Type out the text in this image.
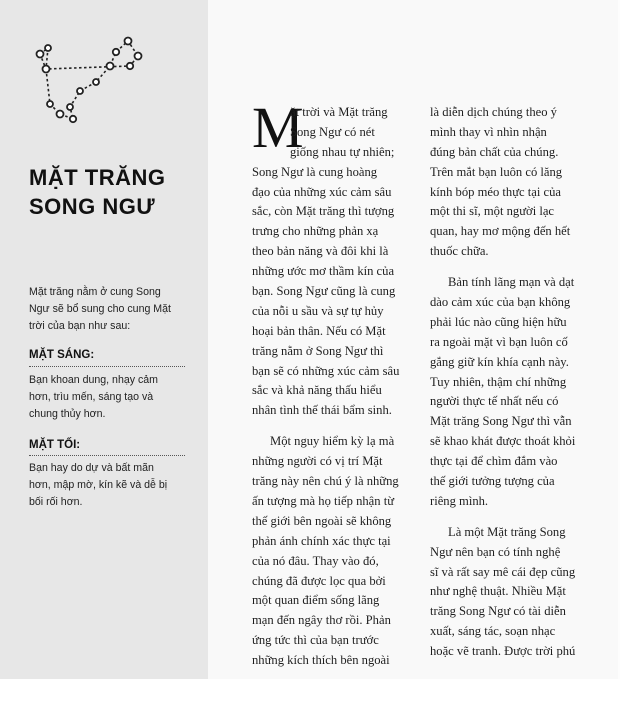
MẶT TRĂNG
SONG NGƯ
Mặt trăng nằm ở cung Song
Ngư sẽ bổ sung cho cung Mặt
trời của bạn như sau:
MẶT SÁNG:
Bạn khoan dung, nhạy cảm
hơn, trìu mến, sáng tạo và
chung thủy hơn.
MẶT TỐI:
Bạn hay do dự và bất mãn
hơn, mập mờ, kín kẽ và dễ bị
bối rối hơn.
M
ặt trời và Mặt trăng
Song Ngư có nét
giống nhau tự nhiên;
Song Ngư là cung hoàng
đạo của những xúc cảm sâu
sắc, còn Mặt trăng thì tượng
trưng cho những phản xạ
theo bản năng và đôi khi là
những ước mơ thầm kín của
bạn. Song Ngư cũng là cung
của nỗi u sầu và sự tự hủy
hoại bản thân. Nếu có Mặt
trăng nằm ở Song Ngư thì
bạn sẽ có những xúc cảm sâu
sắc và khả năng thấu hiểu
nhân tình thế thái bẩm sinh.
Một nguy hiểm kỳ lạ mà
những người có vị trí Mặt
trăng này nên chú ý là những
ấn tượng mà họ tiếp nhận từ
thế giới bên ngoài sẽ không
phản ánh chính xác thực tại
của nó đâu. Thay vào đó,
chúng đã được lọc qua bởi
một quan điểm sống lãng
mạn đến ngây thơ rồi. Phản
ứng tức thì của bạn trước
những kích thích bên ngoài
là diễn dịch chúng theo ý
mình thay vì nhìn nhận
đúng bản chất của chúng.
Trên mắt bạn luôn có lăng
kính bóp méo thực tại của
một thi sĩ, một người lạc
quan, hay mơ mộng đến hết
thuốc chữa.
Bản tính lãng mạn và dạt
dào cảm xúc của bạn không
phải lúc nào cũng hiện hữu
ra ngoài mặt vì bạn luôn cố
gắng giữ kín khía cạnh này.
Tuy nhiên, thậm chí những
người thực tế nhất nếu có
Mặt trăng Song Ngư thì vẫn
sẽ khao khát được thoát khỏi
thực tại để chìm đắm vào
thế giới tưởng tượng của
riêng mình.
Là một Mặt trăng Song
Ngư nên bạn có tính nghệ
sĩ và rất say mê cái đẹp cũng
như nghệ thuật. Nhiều Mặt
trăng Song Ngư có tài diễn
xuất, sáng tác, soạn nhạc
hoặc vẽ tranh. Được trời phú
